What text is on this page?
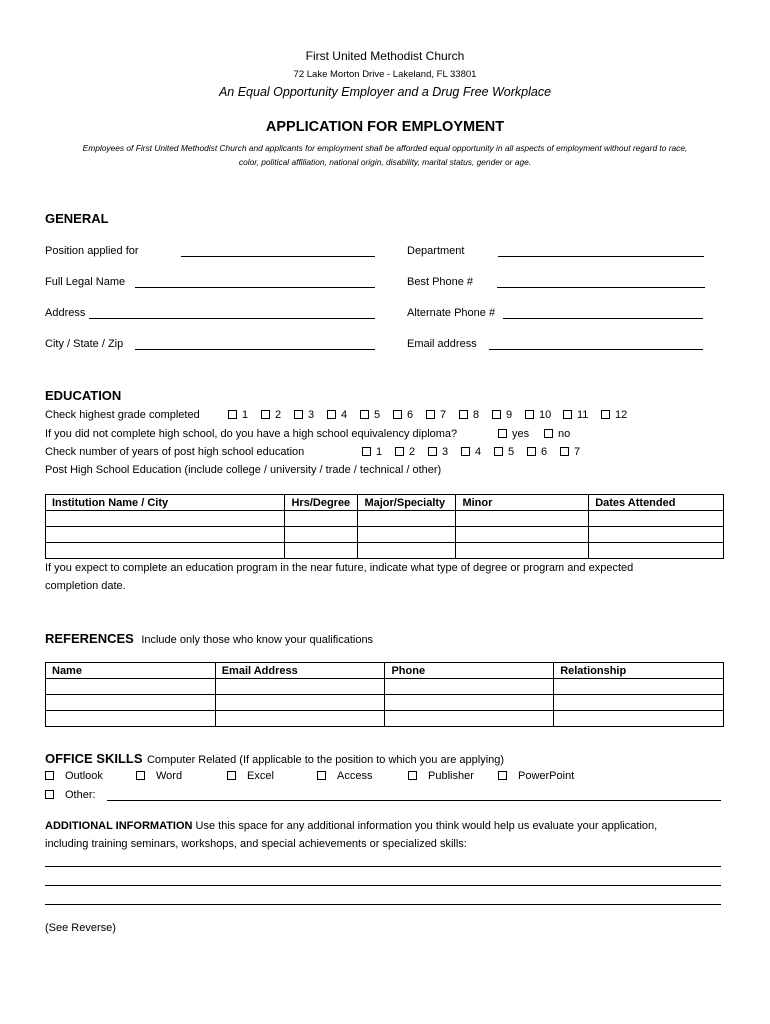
First United Methodist Church
72 Lake Morton Drive - Lakeland, FL 33801
An Equal Opportunity Employer and a Drug Free Workplace
APPLICATION FOR EMPLOYMENT
Employees of First United Methodist Church and applicants for employment shall be afforded equal opportunity in all aspects of employment without regard to race,
color, political affiliation, national origin, disability, marital status, gender or age.
GENERAL
Position applied for	Department
Full Legal Name	Best Phone #
Address	Alternate Phone #
City / State / Zip	Email address
EDUCATION
Check highest grade completed	1 2 3 4 5 6 7 8 9 10 11 12
If you did not complete high school, do you have a high school equivalency diploma?	yes	no
Check number of years of post high school education	1 2 3 4 5 6 7
Post High School Education (include college / university / trade / technical / other)
Institution Name / City	Hrs/Degree	Major/Specialty	Minor	Dates Attended

If you expect to complete an education program in the near future, indicate what type of degree or program and expected
completion date.
REFERENCES Include only those who know your qualifications
Name	Email Address	Phone	Relationship

OFFICE SKILLS Computer Related (If applicable to the position to which you are applying)
Outlook	Word	Excel	Access	Publisher	PowerPoint
Other:
ADDITIONAL INFORMATION Use this space for any additional information you think would help us evaluate your application,
including training seminars, workshops, and special achievements or specialized skills:
(See Reverse)
